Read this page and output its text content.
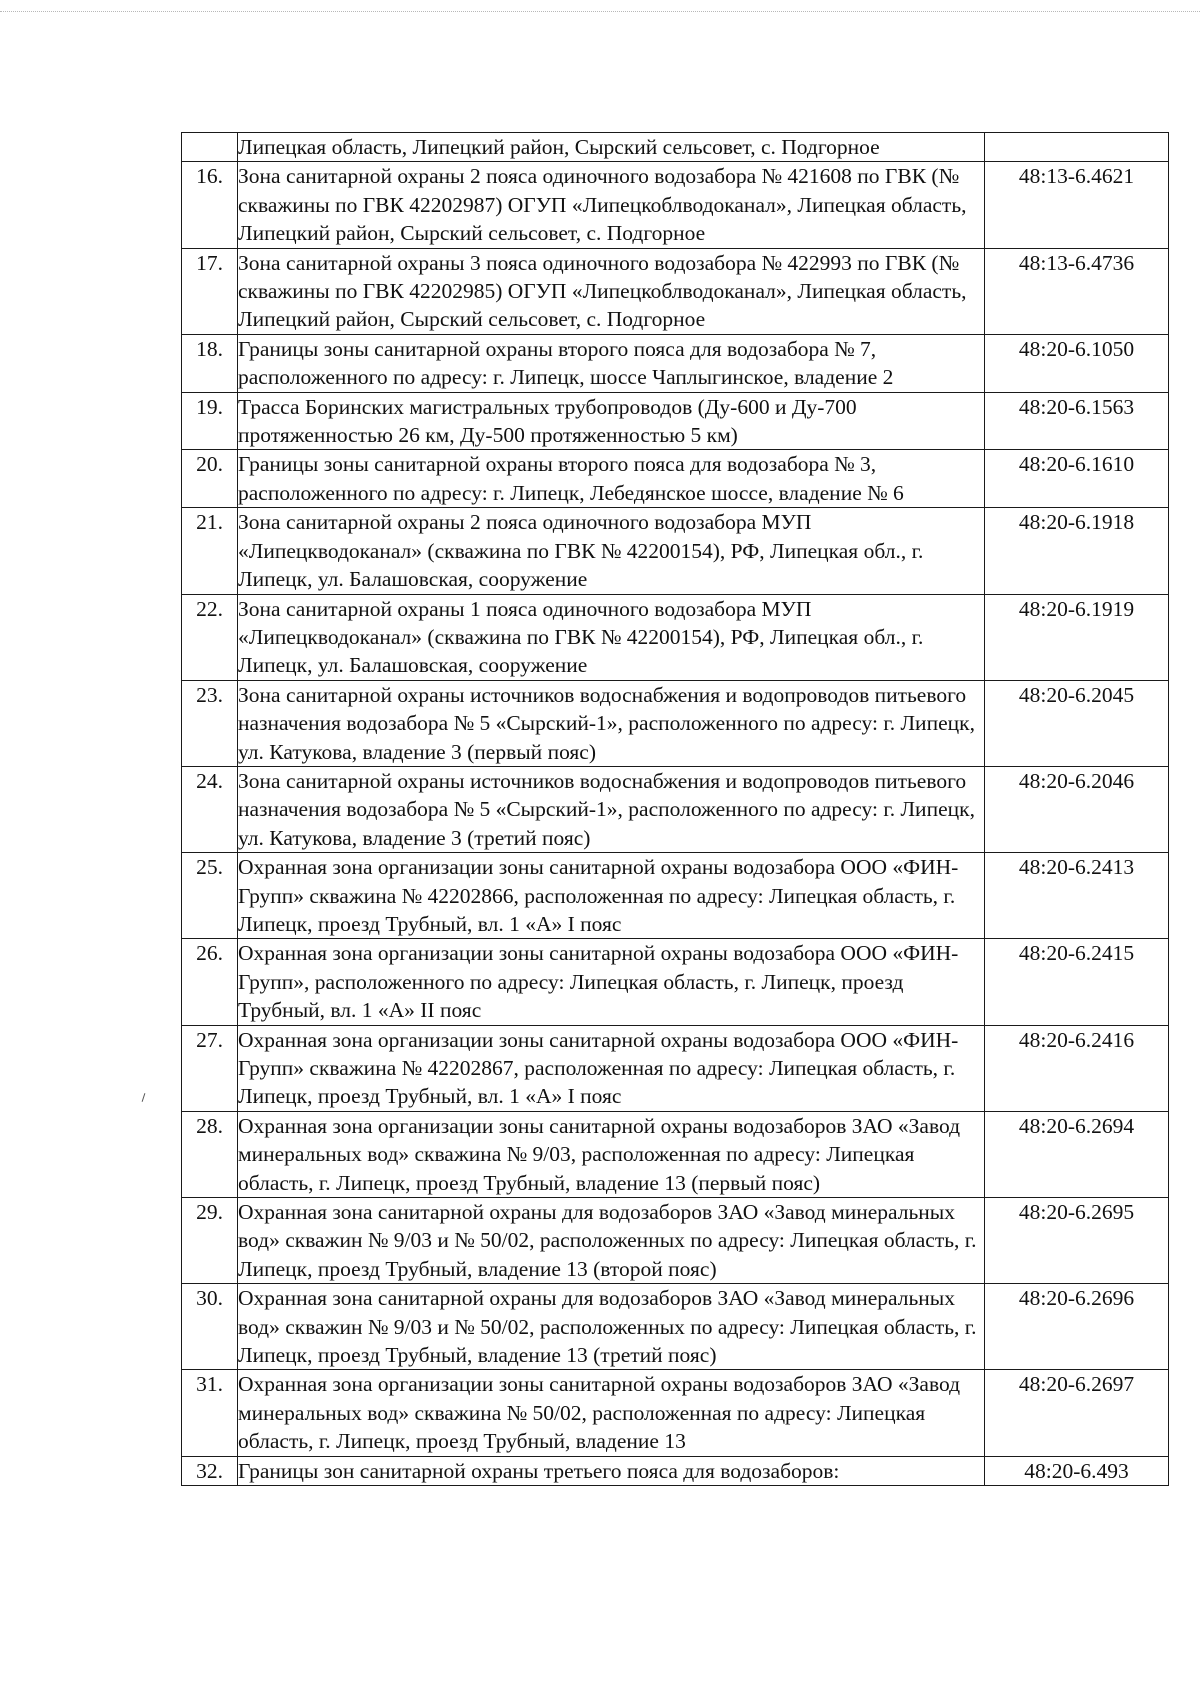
	Липецкая область, Липецкий район, Сырский сельсовет, с. Подгорное	
16.	Зона санитарной охраны 2 пояса одиночного водозабора № 421608 по ГВК (№ скважины по ГВК 42202987) ОГУП «Липецкоблводоканал», Липецкая область, Липецкий район, Сырский сельсовет, с. Подгорное	48:13-6.4621
17.	Зона санитарной охраны 3 пояса одиночного водозабора № 422993 по ГВК (№ скважины по ГВК 42202985) ОГУП «Липецкоблводоканал», Липецкая область, Липецкий район, Сырский сельсовет, с. Подгорное	48:13-6.4736
18.	Границы зоны санитарной охраны второго пояса для водозабора № 7, расположенного по адресу: г. Липецк, шоссе Чаплыгинское, владение 2	48:20-6.1050
19.	Трасса Боринских магистральных трубопроводов (Ду-600 и Ду-700 протяженностью 26 км, Ду-500 протяженностью 5 км)	48:20-6.1563
20.	Границы зоны санитарной охраны второго пояса для водозабора № 3, расположенного по адресу: г. Липецк, Лебедянское шоссе, владение № 6	48:20-6.1610
21.	Зона санитарной охраны 2 пояса одиночного водозабора МУП «Липецкводоканал» (скважина по ГВК № 42200154), РФ, Липецкая обл., г. Липецк, ул. Балашовская, сооружение	48:20-6.1918
22.	Зона санитарной охраны 1 пояса одиночного водозабора МУП «Липецкводоканал» (скважина по ГВК № 42200154), РФ, Липецкая обл., г. Липецк, ул. Балашовская, сооружение	48:20-6.1919
23.	Зона санитарной охраны источников водоснабжения и водопроводов питьевого назначения водозабора № 5 «Сырский-1», расположенного по адресу: г. Липецк, ул. Катукова, владение 3 (первый пояс)	48:20-6.2045
24.	Зона санитарной охраны источников водоснабжения и водопроводов питьевого назначения водозабора № 5 «Сырский-1», расположенного по адресу: г. Липецк, ул. Катукова, владение 3 (третий пояс)	48:20-6.2046
25.	Охранная зона организации зоны санитарной охраны водозабора ООО «ФИН-Групп» скважина № 42202866, расположенная по адресу: Липецкая область, г. Липецк, проезд Трубный, вл. 1 «А» I пояс	48:20-6.2413
26.	Охранная зона организации зоны санитарной охраны водозабора ООО «ФИН-Групп», расположенного по адресу: Липецкая область, г. Липецк, проезд Трубный, вл. 1 «А» II пояс	48:20-6.2415
27.	Охранная зона организации зоны санитарной охраны водозабора ООО «ФИН-Групп» скважина № 42202867, расположенная по адресу: Липецкая область, г. Липецк, проезд Трубный, вл. 1 «А» I пояс	48:20-6.2416
28.	Охранная зона организации зоны санитарной охраны водозаборов ЗАО «Завод минеральных вод» скважина № 9/03, расположенная по адресу: Липецкая область, г. Липецк, проезд Трубный, владение 13 (первый пояс)	48:20-6.2694
29.	Охранная зона санитарной охраны для водозаборов ЗАО «Завод минеральных вод» скважин № 9/03 и № 50/02, расположенных по адресу: Липецкая область, г. Липецк, проезд Трубный, владение 13 (второй пояс)	48:20-6.2695
30.	Охранная зона санитарной охраны для водозаборов ЗАО «Завод минеральных вод» скважин № 9/03 и № 50/02, расположенных по адресу: Липецкая область, г. Липецк, проезд Трубный, владение 13 (третий пояс)	48:20-6.2696
31.	Охранная зона организации зоны санитарной охраны водозаборов ЗАО «Завод минеральных вод» скважина № 50/02, расположенная по адресу: Липецкая область, г. Липецк, проезд Трубный, владение 13	48:20-6.2697
32.	Границы зон санитарной охраны третьего пояса для водозаборов:	48:20-6.493
